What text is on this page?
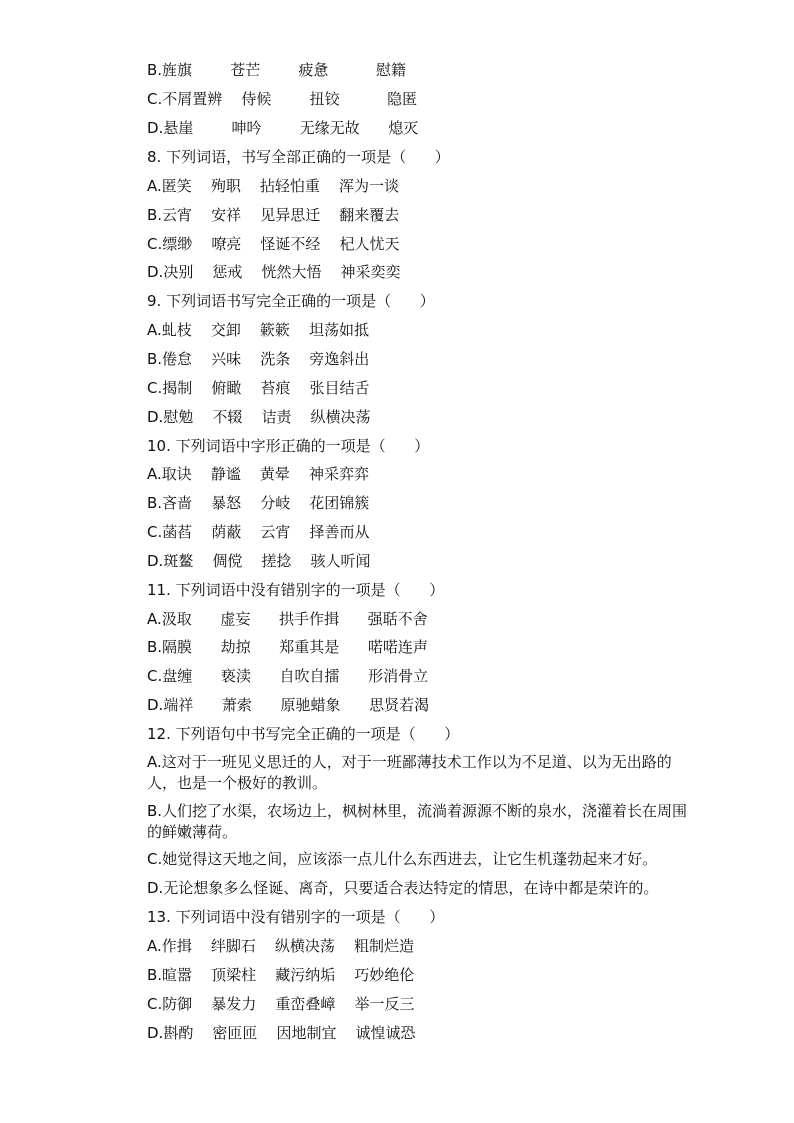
B.旌旗        苍芒        疲惫          慰籍
C.不屑置辨    侍候        扭铰          隐匿
D.悬崖        呻吟        无缘无故      熄灭
8. 下列词语，书写全部正确的一项是（      ）
A.匿笑    殉职    拈轻怕重    浑为一谈
B.云宵    安祥    见异思迁    翻来覆去
C.缥缈    嘹亮    怪诞不经    杞人忧天
D.决别    惩戒    恍然大悟    神采奕奕
9. 下列词语书写完全正确的一项是（      ）
A.虬枝    交卸    簌簌    坦荡如抵
B.倦怠    兴味    洗条    旁逸斜出
C.揭制    俯瞰    苔痕    张目结舌
D.慰勉    不辍    诘责    纵横决荡
10. 下列词语中字形正确的一项是（      ）
A.取诀    静谧    黄晕    神采弈弈
B.吝啬    暴怒    分岐    花团锦簇
C.菡萏    荫蔽    云宵    择善而从
D.斑鳌    倜傥    搓捻    骇人听闻
11. 下列词语中没有错别字的一项是（      ）
A.汲取      虚妄      拱手作揖      强聒不舍
B.隔膜      劫掠      郑重其是      喏喏连声
C.盘缠      亵渎      自吹自擂      形消骨立
D.端祥      萧索      原驰蜡象      思贤若渴
12. 下列语句中书写完全正确的一项是（      ）
A.这对于一班见义思迁的人，对于一班鄙薄技术工作以为不足道、以为无出路的人，也是一个极好的教训。
B.人们挖了水渠，农场边上，枫树林里，流淌着源源不断的泉水，浇灌着长在周围的鲜嫩薄荷。
C.她觉得这天地之间，应该添一点儿什么东西进去，让它生机蓬勃起来才好。
D.无论想象多么怪诞、离奇，只要适合表达特定的情思，在诗中都是荣许的。
13. 下列词语中没有错别字的一项是（      ）
A.作揖    绊脚石    纵横决荡    粗制烂造
B.暄嚣    顶梁柱    藏污纳垢    巧妙绝伦
C.防御    暴发力    重峦叠嶂    举一反三
D.斟酌    密匝匝    因地制宜    诚惶诚恐
